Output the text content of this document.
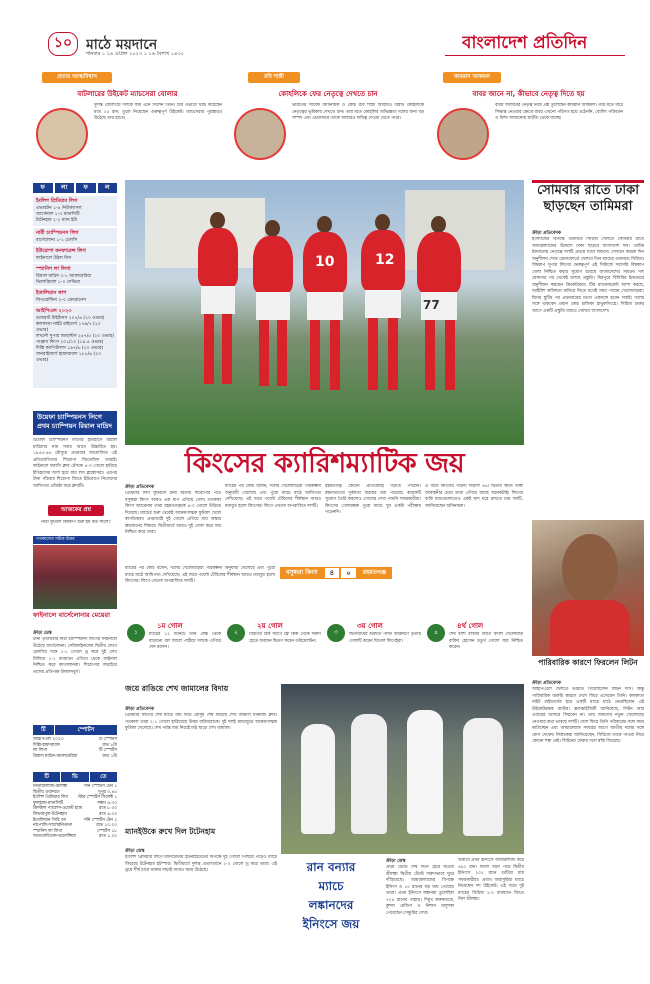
১০ মাঠে ময়দানে
শনিবার ১ ২৯ এপ্রিল ২০২৩ ১ ১৬ বৈশাখ ১৪৩০
বাংলাদেশ প্রতিদিন
প্রত্যয় আত্মবিশ্বাস
বাটলারের উইকেট ম্যাচসেরা বোলার
দুর্দান্ত বোলিংয়ে দলকে জয় এনে দিলেন তিনি। চার ওভারে খরচ করেছেন মাত্র ২৫ রান, তুলে নিয়েছেন গুরুত্বপূর্ণ উইকেট। ম্যাচসেরার পুরস্কারও উঠেছে তার হাতে।
রবি শাস্ত্রী
কোহলিকে ফের নেতৃত্বে দেখতে চান
ভারতের সাবেক অধিনায়ক ও কোচ রবি শাস্ত্রী আবারও বিরাট কোহলিকে নেতৃত্বের ভূমিকায় দেখতে চান। তার মতে কোহলির অভিজ্ঞতা দলের জন্য বড় সম্পদ এবং প্রয়োজনে তাকে আবারও দায়িত্ব দেওয়া যেতে পারে।
কামরান আকমল
বাবর জানে না, কীভাবে নেতৃত্ব দিতে হয়
বাবর আজমের নেতৃত্ব নিয়ে প্রশ্ন তুলেছেন কামরান আকমল। তার মতে মাঠে সিদ্ধান্ত নেওয়ার ক্ষেত্রে বাবর এখনো পরিণত হয়ে ওঠেননি, বোলিং পরিবর্তন ও ফিল্ড সাজানোয় ঘাটতি থেকে যাচ্ছে।
ফ	লা	ফ	ল
ইংলিশ প্রিমিয়ার লিগ
এভারটন ১-৪ নিউক্যাসল
আর্সেনাল ১-৩ ম্যানসিটি
টটেনহাম ২-২ ম্যান ইউ
নারী চ্যাম্পিয়নস লিগ
বার্সেলোনা ১-১ চেলসি
ইউরোপা কনফারেন্স লিগ
ফাইনালে উঠল নিস
স্প্যানিশ লা লিগা
রিয়াল মাদ্রিদ ২-১ অ্যালমেরিয়া
ভিলারিয়াল ১-০ সেভিয়া
ইতালিয়ান কাপ
ফিওরেন্টিনা ২-০ ক্রেমোনেস
আইপিএল ২০২৩
গুজরাট টাইটানস ২০৭/৬ (২০ ওভার)
কলকাতা নাইট রাইডার্স ১৭৯/৭ (২০ ওভার)
লখনৌ সুপার জায়ান্টস ২৫৭/৫ (২০ ওভার)
পাঞ্জাব কিংস ২০১/১০ (১৯.৫ ওভার)
দিল্লি ক্যাপিটালস ১৯৭/৬ (২০ ওভার)
সানরাইজার্স হায়দরাবাদ ১৮৮/৬ (২০ ওভার)
উয়েফা চ্যাম্পিয়নস লিগে প্রথম চ্যাম্পিয়ন রিয়াল মাদ্রিদ
উয়েফা চ্যাম্পিয়নস লিগের ইতিহাসে রিয়াল মাদ্রিদের নাম সবার আগে উচ্চারিত হয়। ১৯৫৫-৫৬ মৌসুমে প্রথমবার আয়োজিত এই প্রতিযোগিতার শিরোপা জিতেছিল তারাই। ফাইনালে ফরাসি ক্লাব রেঁসকে ৪-৩ গোলে হারিয়ে ইতিহাসের অংশ হয়ে যায় লস ব্লাঙ্কোসরা। এরপর টানা পাঁচবার শিরোপা জিতে ইউরোপে নিজেদের আধিপত্য প্রতিষ্ঠা করে ক্লাবটি।
আজকের প্রশ্ন
নারী ফুটবল বিশ্বকাপ শুরু হয় কত সালে?
গতকালের সঠিক উত্তর
ফাইনালে বার্সেলোনার মেয়েরা
ক্রীড়া ডেস্ক
টানা তৃতীয়বার নারী চ্যাম্পিয়নস লিগের ফাইনালে উঠেছে বার্সেলোনা। সেমিফাইনালের দ্বিতীয় লেগে চেলসির সঙ্গে ১-১ গোলে ড্র করে দুই লেগ মিলিয়ে ২-১ ব্যবধানে এগিয়ে থেকে ফাইনাল নিশ্চিত করে কাতালানরা। শিরোপার লড়াইয়ে তাদের প্রতিপক্ষ উলফসবুর্গ।
টি	স্পোর্টস
আইপিএল ২০২৩	টি স্পোর্টস
দিল্লি-হায়দরাবাদ	রাত ৮টা
লা লিগা	টি স্পোর্টস
রিয়াল মাদ্রিদ-অ্যালমেরিয়া	রাত ১টা
টি	ভি	তে
নিউজিল্যান্ড-শ্রীলঙ্কা	সনি স্পোর্টস টেন ১
দ্বিতীয় ওয়ানডে	দুপুর ৩.৪৫
ইংলিশ প্রিমিয়ার লিগ স্টার স্পোর্টস সিলেক্ট ১
ফুলহ্যাম-ম্যানসিটি	সন্ধ্যা ৬.৩০
ক্রিস্টাল প্যালেস-ওয়েস্ট হ্যাম	রাত ৮.০০
লিভারপুল-টটেনহাম	রাত ৯.৩০
ইতালিয়ান সিরি আ	সনি স্পোর্টস টেন ২
নাপোলি-সালেরনিতানা	রাত ১০.০০
স্প্যানিশ লা লিগা	স্পোর্টস ১৮
আতলেতিকো-ভালেন্সিয়া	রাত ১.০০
10	12
77
কিংসের ক্যারিশম্যাটিক জয়
ক্রীড়া প্রতিবেদক
প্রিমিয়ার লিগ ফুটবলে টানা দ্বিতীয় শিরোপার পথে বসুন্ধরা কিংস আরও এক ধাপ এগিয়ে গেল। গতকাল কিংস অ্যারেনায় তারা রহমতগঞ্জকে ৪-০ গোলে উড়িয়ে দিয়েছে। ম্যাচের শুরু থেকেই আক্রমণাত্মক ফুটবল খেলে স্বাগতিকরা। প্রথমার্ধেই দুই গোলে এগিয়ে যায় অস্কার ব্রুজোনের শিষ্যরা। দ্বিতীয়ার্ধে আরও দুই গোল করে জয় নিশ্চিত করে তারা।
ম্যাচের পর কোচ বলেন, দলের খেলোয়াড়রা পরিকল্পনা অনুযায়ী খেলেছে এবং পুরো ম্যাচে মাঠে আধিপত্য দেখিয়েছে। এই জয়ে পয়েন্ট টেবিলের শীর্ষস্থান আরও মজবুত হলো কিংসের। লিগে এখনো অপরাজিত দলটি।
রহমতগঞ্জ কোনো প্রতিরোধই গড়তে পারেনি। রক্ষণভাগের দুর্বলতা বারবার ধরা পড়েছে। কয়েকটি সুযোগ তৈরি করলেও গোলের দেখা পায়নি সফরকারীরা। কিংসের গোলরক্ষক পুরো ম্যাচে খুব একটা পরীক্ষায় পড়েননি।
এ জয়ে কিংসের পয়েন্ট দাঁড়াল ৪৬। দ্বিতীয় স্থানে থাকা আবাহনীর চেয়ে তারা এগিয়ে আছে অনেকটাই। লিগের বাকি ম্যাচগুলোতেও একই ছন্দ ধরে রাখতে চায় দলটি, জানিয়েছেন অধিনায়ক।
বসুন্ধরা কিংস	৪	০	রহমতগঞ্জ
ম্যাচের পর কোচ বলেন, দলের খেলোয়াড়রা পরিকল্পনা অনুযায়ী খেলেছে এবং পুরো ম্যাচে মাঠে আধিপত্য দেখিয়েছে। এই জয়ে পয়েন্ট টেবিলের শীর্ষস্থান আরও মজবুত হলো কিংসের। লিগে এখনো অপরাজিত দলটি।
১
১ম গোল
ম্যাচের ১২ মিনিটে ডান প্রান্ত থেকে বাড়ানো বল জালে পাঠিয়ে দলকে এগিয়ে দেন রবসন।
২
২য় গোল
বিরতির ঠিক আগে ফ্রি কিক থেকে দারুণ হেডে ব্যবধান দ্বিগুণ করেন ডরিয়েলটন।
৩
৩য় গোল
দ্বিতীয়ার্ধের শুরুতে পাল্টা আক্রমণে তৃতীয় গোলটি করেন মিগেল ফিগেইরা।
৪
৪র্থ গোল
শেষ বাঁশি বাজার আগে বদলি খেলোয়াড় রাকিব হোসেন চতুর্থ গোলে জয় নিশ্চিত করেন।
জয়ে রাঙিয়ে শেখ জামালের বিদায়
ক্রীড়া প্রতিবেদক
প্রিমিয়ার লিগের শেষ ম্যাচে জয় দিয়ে মৌসুম শেষ করেছে শেখ জামাল ধানমন্ডি ক্লাব। গতকাল তারা ২-১ গোলে হারিয়েছে উত্তর বারিধারাকে। দুই দলই ম্যাচজুড়ে আক্রমণাত্মক ফুটবল খেলেছে। শেষ পর্যন্ত জয় নিয়েই মাঠ ছাড়ে শেখ জামাল।
ম্যানইউকে রুখে দিল টটেনহাম
ক্রীড়া ডেস্ক
ইংলিশ প্রিমিয়ার লিগে ম্যানচেস্টার ইউনাইটেডের বিপক্ষে দুই গোলে পিছিয়ে পড়েও ম্যাচে ফিরেছে টটেনহাম হটস্পার। দ্বিতীয়ার্ধে দুর্দান্ত প্রত্যাবর্তনে ২-২ গোলে ড্র করে তারা। এই ড্রয়ে শীর্ষ চারে থাকার লড়াই আরও জমে উঠেছে।	রান বন্যার
ম্যাচে
লঙ্কানদের
ইনিংসে জয়
ক্রীড়া ডেস্ক
প্রথম টেস্টে শেষ দিনে হেরে যাওয়া শ্রীলঙ্কা দ্বিতীয় টেস্টে দারুণভাবে ঘুরে দাঁড়িয়েছে। আয়ারল্যান্ডের বিপক্ষে ইনিংস ও ১০ রানের বড় জয় পেয়েছে তারা। প্রথম ইনিংসে লঙ্কানরা তুলেছিল ৭০৪ রানের পাহাড়। দিমুথ করুনারত্নে, কুশল মেন্ডিস ও নিশান মাদুশকা পেয়েছেন সেঞ্চুরির দেখা।
জবাবে প্রথম ইনিংসে আয়ারল্যান্ড করে ৪৯২ রান। ফলো অনে পড়ে দ্বিতীয় ইনিংসে ২০২ রানে গুটিয়ে যায় সফরকারীরা। প্রবাথ জয়াসুরিয়া ম্যাচে নিয়েছেন দশ উইকেট। এই জয়ে দুই ম্যাচের সিরিজ ২-০ ব্যবধানে জিতে নিল শ্রীলঙ্কা।
সোমবার রাতে ঢাকা ছাড়ছেন তামিমরা
ক্রীড়া প্রতিবেদক
ইংল্যান্ডের বিপক্ষে ওয়ানডে সিরিজ খেলতে সোমবার রাতে আয়ারল্যান্ডের উদ্দেশে ঢাকা ছাড়বে বাংলাদেশ দল। তামিম ইকবালের নেতৃত্বে দলটি প্রথমে যাবে লন্ডনে। সেখানে কয়েক দিন অনুশীলন শেষে চেমসফোর্ডে খেলবে তিন ম্যাচের ওয়ানডে সিরিজ। বিশ্বকাপ সুপার লিগের গুরুত্বপূর্ণ এই সিরিজে সরাসরি বিশ্বকাপ খেলা নিশ্চিত করার সুযোগ রয়েছে বাংলাদেশের সামনে। দল ঘোষণার পর থেকেই চলছে প্রস্তুতি। মিরপুরে বিসিবির ইনডোরে অনুশীলন করছেন ক্রিকেটাররা। টিম ম্যানেজমেন্ট আশা করছে, আইরিশ কন্ডিশনে মানিয়ে নিতে যথেষ্ট সময় পাবেন খেলোয়াড়রা। ঈদের ছুটির পর প্রথমবারের মতো একসঙ্গে হবেন সবাই। দলের সঙ্গে থাকবেন প্রধান কোচ চান্ডিকা হাথুরুসিংহে। সিরিজ শুরুর আগে একটি প্রস্তুতি ম্যাচও খেলবে বাংলাদেশ।
পারিবারিক কারণে ফিরলেন লিটন
ক্রীড়া প্রতিবেদক
আইপিএলে খেলতে ভারতে গিয়েছিলেন লিটন দাস। কিন্তু পারিবারিক জরুরি কারণে দেশে ফিরে এসেছেন তিনি। কলকাতা নাইট রাইডার্সের হয়ে একটি ম্যাচে মাঠে নেমেছিলেন এই উইকেটরক্ষক ব্যাটার। ফ্র্যাঞ্চাইজিটি জানিয়েছে, লিটন আর এবারের আসরে ফিরবেন না। তার জায়গায় নতুন খেলোয়াড় নেওয়ার কথা ভাবছে দলটি। দেশে ফিরে তিনি পরিবারের সঙ্গে সময় কাটাচ্ছেন এবং আয়ারল্যান্ড সফরের আগে জাতীয় দলের সঙ্গে যোগ দেবেন। নির্বাচকরা জানিয়েছেন, সিরিজে তাকে পাওয়া নিয়ে কোনো শঙ্কা নেই। লিটনের ফেরায় দলে স্বস্তি ফিরেছে।
